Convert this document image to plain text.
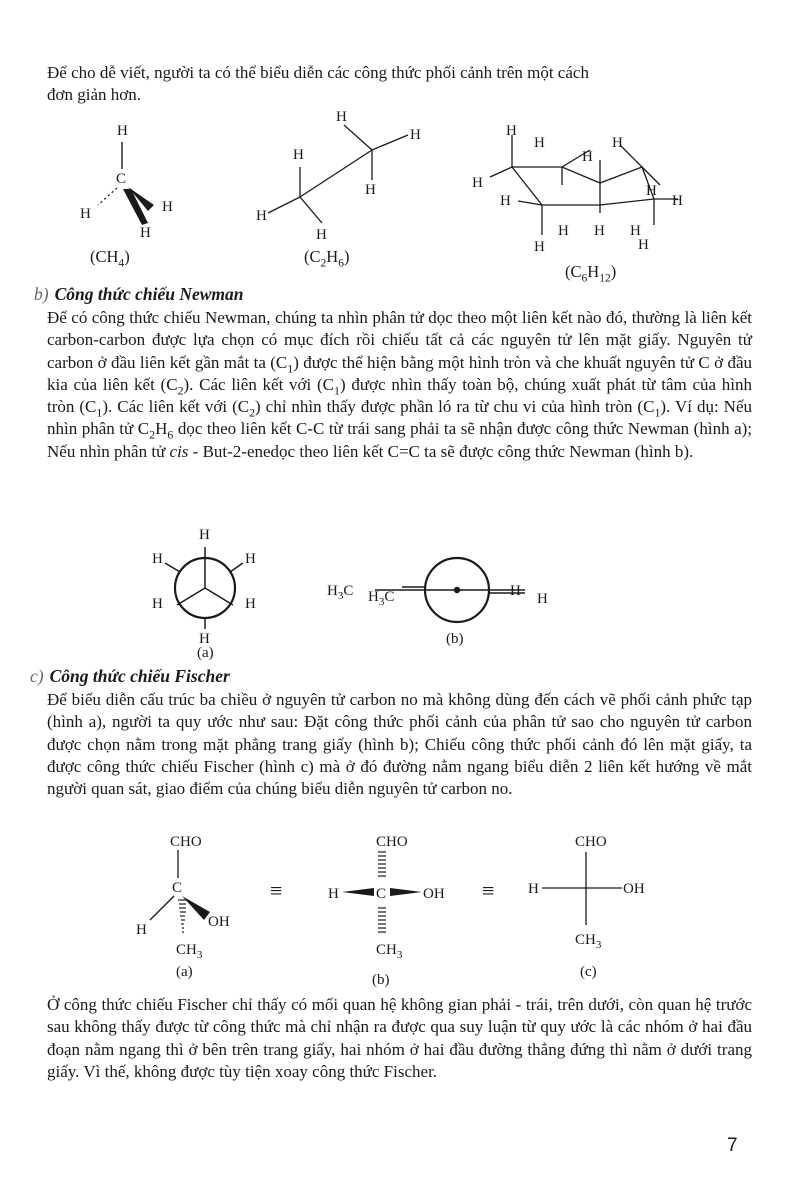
Để cho dễ viết, người ta có thể biểu diễn các công thức phối cảnh trên một cách
đơn giản hơn.

H
C
H	H
H
H
H
H
H
H
H
H
H	H
H
H
H
H
H
H H H
H	H
$(CH_4)$	$(C_2H_6)$
$(C_6H_{12})$
b) Công thức chiếu Newman

Để có công thức chiếu Newman, chúng ta nhìn phân tử dọc theo một liên kết nào đó, thường là liên kết carbon-carbon được lựa chọn có mục đích rồi chiếu tất cả các nguyên tử lên mặt giấy. Nguyên tử carbon ở đầu liên kết gần mắt ta $(C_1)$ được thể hiện bằng một hình tròn và che khuất nguyên tử C ở đầu kia của liên kết $(C_2)$. Các liên kết với $(C_1)$ được nhìn thấy toàn bộ, chúng xuất phát từ tâm của hình tròn $(C_1)$. Các liên kết với $(C_2)$ chỉ nhìn thấy được phần ló ra từ chu vi của hình tròn $(C_1)$. Ví dụ: Nếu nhìn phân tử $C_2H_6$ dọc theo liên kết C-C từ trái sang phải ta sẽ nhận được công thức Newman (hình a); Nếu nhìn phân tử cis - But-2-enedọc theo liên kết C=C ta sẽ được công thức Newman (hình b).

H
H	H
H	H
H
$H_3C$ $H_3C$	H H
(a)
(b)
c) Công thức chiếu Fischer

Để biểu diễn cấu trúc ba chiều ở nguyên tử carbon no mà không dùng đến cách vẽ phối cảnh phức tạp (hình a), người ta quy ước như sau: Đặt công thức phối cảnh của phân tử sao cho nguyên tử carbon được chọn nằm trong mặt phẳng trang giấy (hình b); Chiếu công thức phối cảnh đó lên mặt giấy, ta được công thức chiếu Fischer (hình c) mà ở đó đường nằm ngang biểu diễn 2 liên kết hướng về mắt người quan sát, giao điểm của chúng biểu diễn nguyên tử carbon no.

CHO
C
H	OH
$CH_3$
(a)
≡
CHO
H C OH
$CH_3$
(b)
≡
CHO
H	OH
$CH_3$
(c)

Ở công thức chiếu Fischer chỉ thấy có mối quan hệ không gian phải - trái, trên dưới, còn quan hệ trước sau không thấy được từ công thức mà chỉ nhận ra được qua suy luận từ quy ước là các nhóm ở hai đầu đoạn nằm ngang thì ở bên trên trang giấy, hai nhóm ở hai đầu đường thẳng đứng thì nằm ở dưới trang giấy. Vì thế, không được tùy tiện xoay công thức Fischer.

7
